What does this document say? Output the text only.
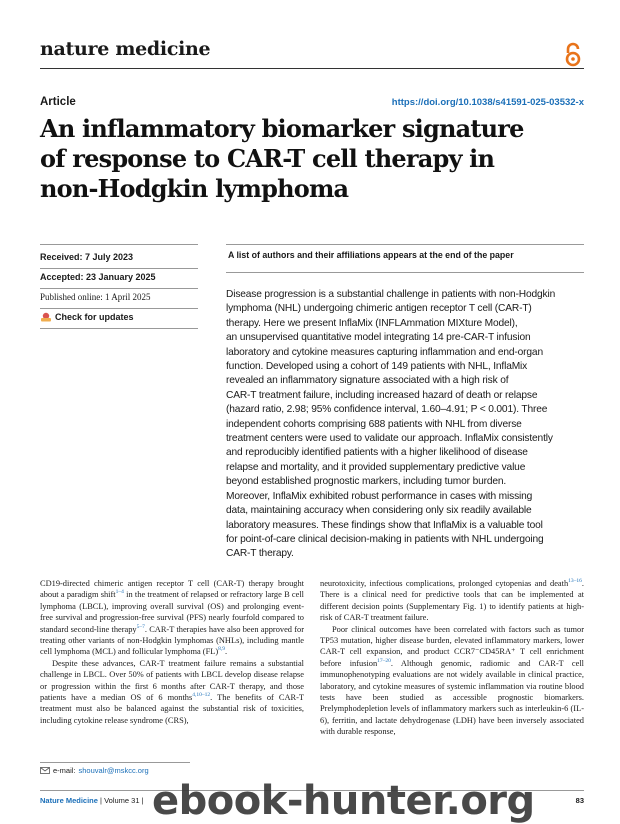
nature medicine
Article	https://doi.org/10.1038/s41591-025-03532-x
An inflammatory biomarker signature
of response to CAR-T cell therapy in
non-Hodgkin lymphoma
Received: 7 July 2023
Accepted: 23 January 2025
Published online: 1 April 2025
Check for updates
A list of authors and their affiliations appears at the end of the paper
Disease progression is a substantial challenge in patients with non-Hodgkin
lymphoma (NHL) undergoing chimeric antigen receptor T cell (CAR-T)
therapy. Here we present InflaMix (INFLAmmation MIXture Model),
an unsupervised quantitative model integrating 14 pre-CAR-T infusion
laboratory and cytokine measures capturing inflammation and end-organ
function. Developed using a cohort of 149 patients with NHL, InflaMix
revealed an inflammatory signature associated with a high risk of
CAR-T treatment failure, including increased hazard of death or relapse
(hazard ratio, 2.98; 95% confidence interval, 1.60–4.91; P < 0.001). Three
independent cohorts comprising 688 patients with NHL from diverse
treatment centers were used to validate our approach. InflaMix consistently
and reproducibly identified patients with a higher likelihood of disease
relapse and mortality, and it provided supplementary predictive value
beyond established prognostic markers, including tumor burden.
Moreover, InflaMix exhibited robust performance in cases with missing
data, maintaining accuracy when considering only six readily available
laboratory measures. These findings show that InflaMix is a valuable tool
for point-of-care clinical decision-making in patients with NHL undergoing
CAR-T therapy.

CD19-directed chimeric antigen receptor T cell (CAR-T) therapy brought about a paradigm shift$^{1-4}$ in the treatment of relapsed or refractory large B cell lymphoma (LBCL), improving overall survival (OS) and prolonging event-free survival and progression-free survival (PFS) nearly fourfold compared to standard second-line therapy$^{5-7}$. CAR-T therapies have also been approved for treating other variants of non-Hodgkin lymphomas (NHLs), including mantle cell lymphoma (MCL) and follicular lymphoma (FL)$^{8,9}$.

Despite these advances, CAR-T treatment failure remains a substantial challenge in LBCL. Over 50% of patients with LBCL develop disease relapse or progression within the first 6 months after CAR-T therapy, and those patients have a median OS of 6 months$^{4,10-12}$. The benefits of CAR-T treatment must also be balanced against the substantial risk of toxicities, including cytokine release syndrome (CRS),

neurotoxicity, infectious complications, prolonged cytopenias and death$^{13-16}$. There is a clinical need for predictive tools that can be implemented at different decision points (Supplementary Fig. 1) to identify patients at high-risk of CAR-T treatment failure.

Poor clinical outcomes have been correlated with factors such as tumor TP53 mutation, higher disease burden, elevated inflammatory markers, lower CAR-T cell expansion, and product CCR7⁻CD45RA⁺ T cell enrichment before infusion$^{17-20}$. Although genomic, radiomic and CAR-T cell immunophenotyping evaluations are not widely available in clinical practice, laboratory, and cytokine measures of systemic inflammation via routine blood tests have been studied as accessible prognostic biomarkers. Prelymphodepletion levels of inflammatory markers such as interleukin-6 (IL-6), ferritin, and lactate dehydrogenase (LDH) have been inversely associated with durable response,

e-mail: shouvalr@mskcc.org
Nature Medicine | Volume 31 |	83
ebook-hunter.org
